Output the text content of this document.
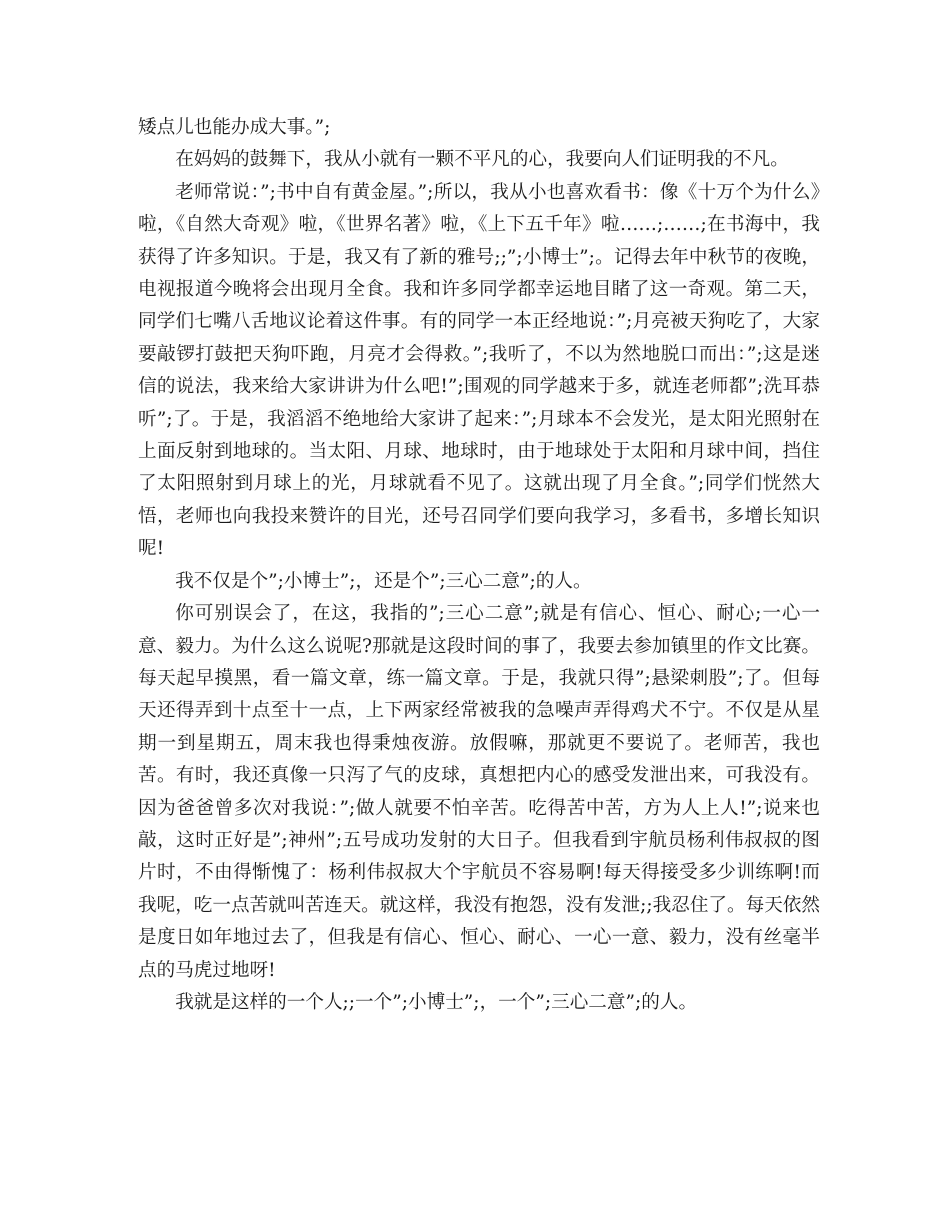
矮点儿也能办成大事。”;

在妈妈的鼓舞下，我从小就有一颗不平凡的心，我要向人们证明我的不凡。

老师常说：”;书中自有黄金屋。”;所以，我从小也喜欢看书：像《十万个为什么》啦，《自然大奇观》啦，《世界名著》啦，《上下五千年》啦……;……;在书海中，我获得了许多知识。于是，我又有了新的雅号;;”;小博士”;。记得去年中秋节的夜晚，电视报道今晚将会出现月全食。我和许多同学都幸运地目睹了这一奇观。第二天，同学们七嘴八舌地议论着这件事。有的同学一本正经地说：”;月亮被天狗吃了，大家要敲锣打鼓把天狗吓跑，月亮才会得救。”;我听了，不以为然地脱口而出：”;这是迷信的说法，我来给大家讲讲为什么吧!”;围观的同学越来于多，就连老师都”;洗耳恭听”;了。于是，我滔滔不绝地给大家讲了起来：”;月球本不会发光，是太阳光照射在上面反射到地球的。当太阳、月球、地球时，由于地球处于太阳和月球中间，挡住了太阳照射到月球上的光，月球就看不见了。这就出现了月全食。”;同学们恍然大悟，老师也向我投来赞许的目光，还号召同学们要向我学习，多看书，多增长知识呢!

我不仅是个”;小博士”;，还是个”;三心二意”;的人。

你可别误会了，在这，我指的”;三心二意”;就是有信心、恒心、耐心;一心一意、毅力。为什么这么说呢?那就是这段时间的事了，我要去参加镇里的作文比赛。每天起早摸黑，看一篇文章，练一篇文章。于是，我就只得”;悬梁刺股”;了。但每天还得弄到十点至十一点，上下两家经常被我的急噪声弄得鸡犬不宁。不仅是从星期一到星期五，周末我也得秉烛夜游。放假嘛，那就更不要说了。老师苦，我也苦。有时，我还真像一只泻了气的皮球，真想把内心的感受发泄出来，可我没有。因为爸爸曾多次对我说：”;做人就要不怕辛苦。吃得苦中苦，方为人上人!”;说来也敲，这时正好是”;神州”;五号成功发射的大日子。但我看到宇航员杨利伟叔叔的图片时，不由得惭愧了：杨利伟叔叔大个宇航员不容易啊!每天得接受多少训练啊!而我呢，吃一点苦就叫苦连天。就这样，我没有抱怨，没有发泄;;我忍住了。每天依然是度日如年地过去了，但我是有信心、恒心、耐心、一心一意、毅力，没有丝毫半点的马虎过地呀!

我就是这样的一个人;;一个”;小博士”;，一个”;三心二意”;的人。
